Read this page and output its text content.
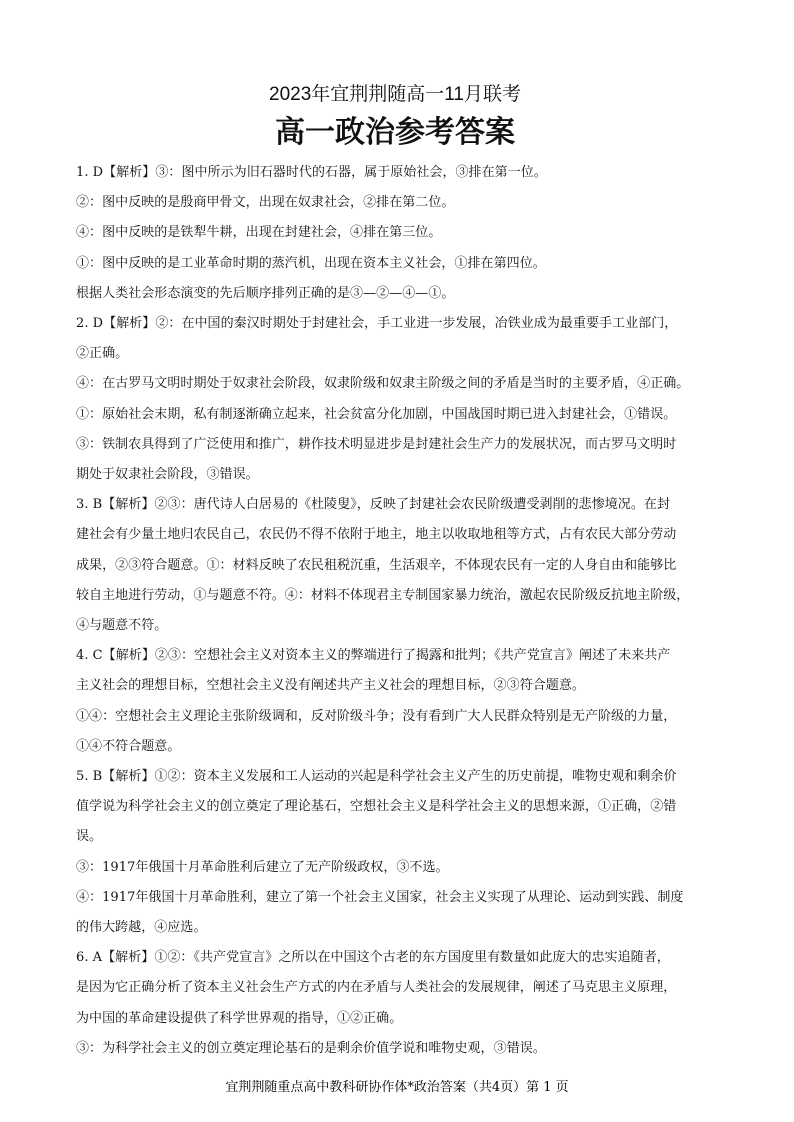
2023年宜荆荆随高一11月联考
高一政治参考答案

1. D【解析】③：图中所示为旧石器时代的石器，属于原始社会，③排在第一位。

②：图中反映的是殷商甲骨文，出现在奴隶社会，②排在第二位。

④：图中反映的是铁犁牛耕，出现在封建社会，④排在第三位。

①：图中反映的是工业革命时期的蒸汽机，出现在资本主义社会，①排在第四位。

根据人类社会形态演变的先后顺序排列正确的是③—②—④—①。

2. D【解析】②：在中国的秦汉时期处于封建社会，手工业进一步发展，冶铁业成为最重要手工业部门，

②正确。

④：在古罗马文明时期处于奴隶社会阶段，奴隶阶级和奴隶主阶级之间的矛盾是当时的主要矛盾，④正确。

①：原始社会末期，私有制逐渐确立起来，社会贫富分化加剧，中国战国时期已进入封建社会，①错误。

③：铁制农具得到了广泛使用和推广，耕作技术明显进步是封建社会生产力的发展状况，而古罗马文明时

期处于奴隶社会阶段，③错误。

3. B【解析】②③：唐代诗人白居易的《杜陵叟》，反映了封建社会农民阶级遭受剥削的悲惨境况。在封

建社会有少量土地归农民自己，农民仍不得不依附于地主，地主以收取地租等方式，占有农民大部分劳动

成果，②③符合题意。①：材料反映了农民租税沉重，生活艰辛，不体现农民有一定的人身自由和能够比

较自主地进行劳动，①与题意不符。④：材料不体现君主专制国家暴力统治，激起农民阶级反抗地主阶级，

④与题意不符。

4. C【解析】②③：空想社会主义对资本主义的弊端进行了揭露和批判；《共产党宣言》阐述了未来共产

主义社会的理想目标，空想社会主义没有阐述共产主义社会的理想目标，②③符合题意。

①④：空想社会主义理论主张阶级调和，反对阶级斗争；没有看到广大人民群众特别是无产阶级的力量，

①④不符合题意。

5. B【解析】①②：资本主义发展和工人运动的兴起是科学社会主义产生的历史前提，唯物史观和剩余价

值学说为科学社会主义的创立奠定了理论基石，空想社会主义是科学社会主义的思想来源，①正确，②错

误。

③：1917年俄国十月革命胜利后建立了无产阶级政权，③不选。

④：1917年俄国十月革命胜利，建立了第一个社会主义国家，社会主义实现了从理论、运动到实践、制度

的伟大跨越，④应选。

6. A【解析】①②：《共产党宣言》之所以在中国这个古老的东方国度里有数量如此庞大的忠实追随者，

是因为它正确分析了资本主义社会生产方式的内在矛盾与人类社会的发展规律，阐述了马克思主义原理，

为中国的革命建设提供了科学世界观的指导，①②正确。

③：为科学社会主义的创立奠定理论基石的是剩余价值学说和唯物史观，③错误。

宜荆荆随重点高中教科研协作体*政治答案（共4页）第 1 页
